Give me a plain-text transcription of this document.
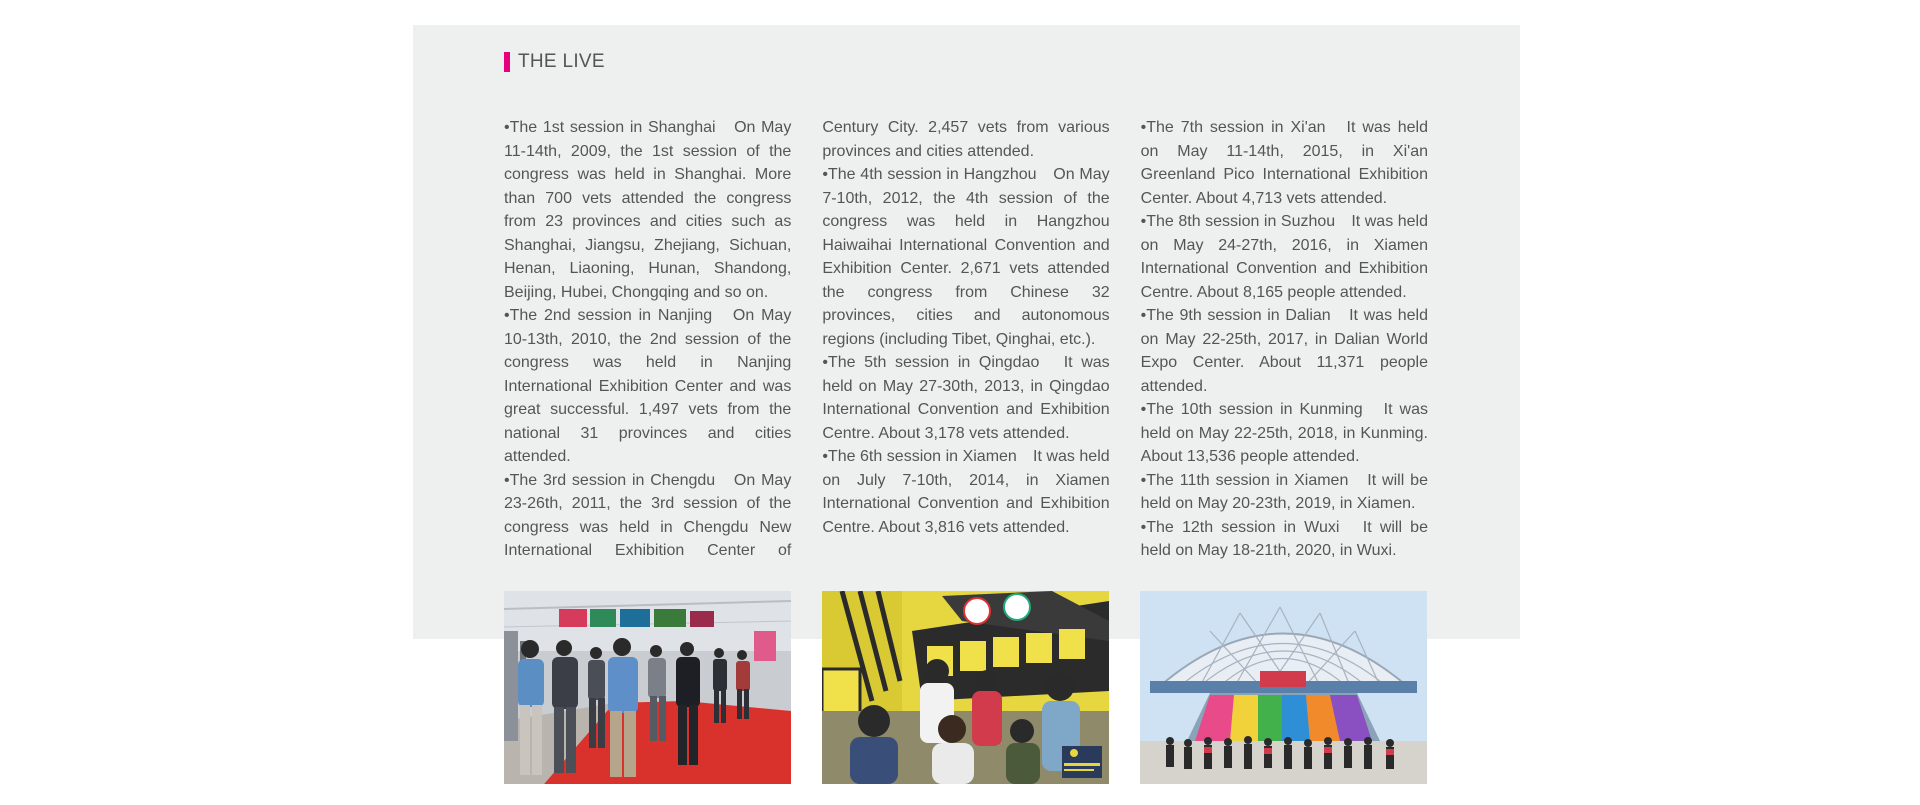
THE LIVE

•The 1st session in Shanghai　On May 11-14th, 2009, the 1st session of the congress was held in Shanghai. More than 700 vets attended the congress from 23 provinces and cities such as Shanghai, Jiangsu, Zhejiang, Sichuan, Henan, Liaoning, Hunan, Shandong, Beijing, Hubei, Chongqing and so on.

•The 2nd session in Nanjing　On May 10-13th, 2010, the 2nd session of the congress was held in Nanjing International Exhibition Center and was great successful. 1,497 vets from the national 31 provinces and cities attended.

•The 3rd session in Chengdu　On May 23-26th, 2011, the 3rd session of the congress was held in Chengdu New International Exhibition Center of Century City. 2,457 vets from various provinces and cities attended.

•The 4th session in Hangzhou　On May 7-10th, 2012, the 4th session of the congress was held in Hangzhou Haiwaihai International Convention and Exhibition Center. 2,671 vets attended the congress from Chinese 32 provinces, cities and autonomous regions (including Tibet, Qinghai, etc.).

•The 5th session in Qingdao　It was held on May 27-30th, 2013, in Qingdao International Convention and Exhibition Centre. About 3,178 vets attended.

•The 6th session in Xiamen　It was held on July 7-10th, 2014, in Xiamen International Convention and Exhibition Centre. About 3,816 vets attended.

•The 7th session in Xi'an　It was held on May 11-14th, 2015, in Xi'an Greenland Pico International Exhibition Center. About 4,713 vets attended.

•The 8th session in Suzhou　It was held on May 24-27th, 2016, in Xiamen International Convention and Exhibition Centre. About 8,165 people attended.

•The 9th session in Dalian　It was held on May 22-25th, 2017, in Dalian World Expo Center. About 11,371 people attended.

•The 10th session in Kunming　It was held on May 22-25th, 2018, in Kunming. About 13,536 people attended.

•The 11th session in Xiamen　It will be held on May 20-23th, 2019, in Xiamen.

•The 12th session in Wuxi　It will be held on May 18-21th, 2020, in Wuxi.
